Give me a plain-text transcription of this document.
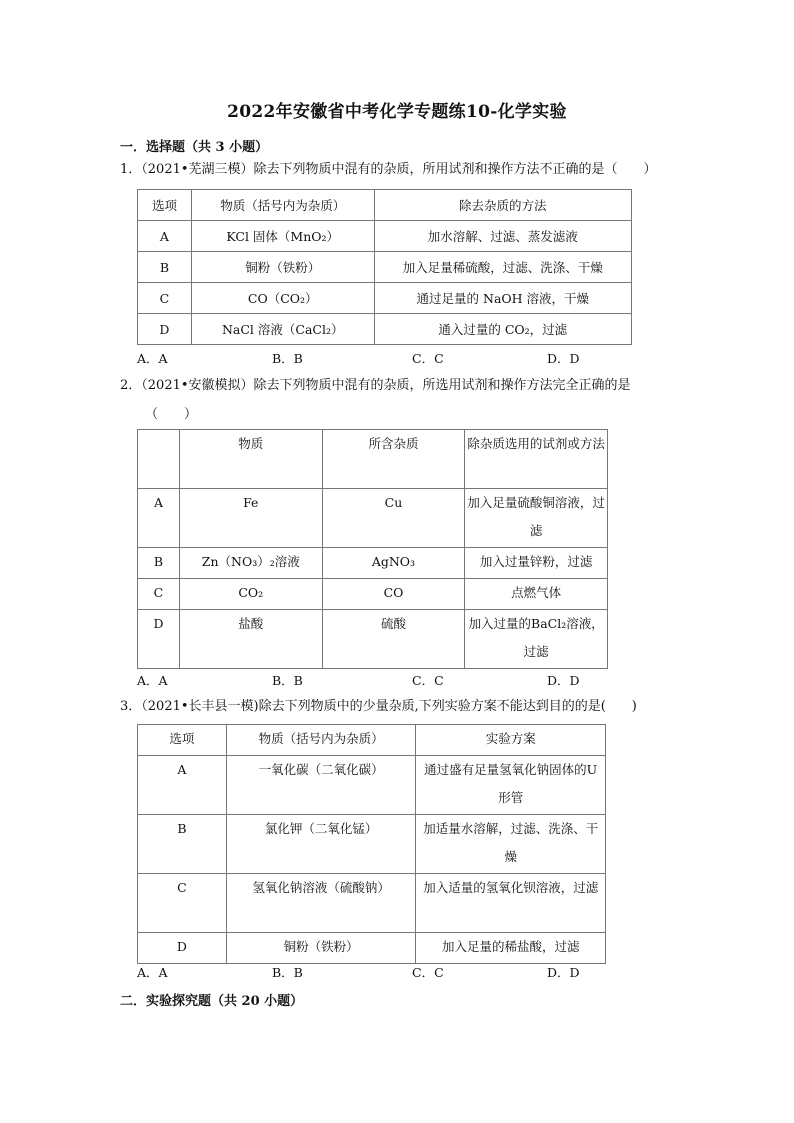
2022年安徽省中考化学专题练10-化学实验
一．选择题（共 3 小题）
1．（2021•芜湖三模）除去下列物质中混有的杂质，所用试剂和操作方法不正确的是（　　）
选项	物质（括号内为杂质）	除去杂质的方法
A	KCl 固体（MnO₂）	加水溶解、过滤、蒸发滤液
B	铜粉（铁粉）	加入足量稀硫酸，过滤、洗涤、干燥
C	CO（CO₂）	通过足量的 NaOH 溶液，干燥
D	NaCl 溶液（CaCl₂）	通入过量的 CO₂，过滤
A．A	B．B	C．C	D．D
2．（2021•安徽模拟）除去下列物质中混有的杂质，所选用试剂和操作方法完全正确的是
（　　）
	物质	所含杂质	除杂质选用的试剂或方法
A	Fe	Cu	加入足量硫酸铜溶液，过滤
B	Zn（NO₃）₂溶液	AgNO₃	加入过量锌粉，过滤
C	CO₂	CO	点燃气体
D	盐酸	硫酸	加入过量的BaCl₂溶液，过滤
A．A	B．B	C．C	D．D
3．（2021•长丰县一模)除去下列物质中的少量杂质,下列实验方案不能达到目的的是(　　)
选项	物质（括号内为杂质）	实验方案
A	一氧化碳（二氧化碳）	通过盛有足量氢氧化钠固体的U形管
B	氯化钾（二氧化锰）	加适量水溶解，过滤、洗涤、干燥
C	氢氧化钠溶液（硫酸钠）	加入适量的氢氧化钡溶液，过滤
D	铜粉（铁粉）	加入足量的稀盐酸，过滤
A．A	B．B	C．C	D．D
二．实验探究题（共 20 小题）
